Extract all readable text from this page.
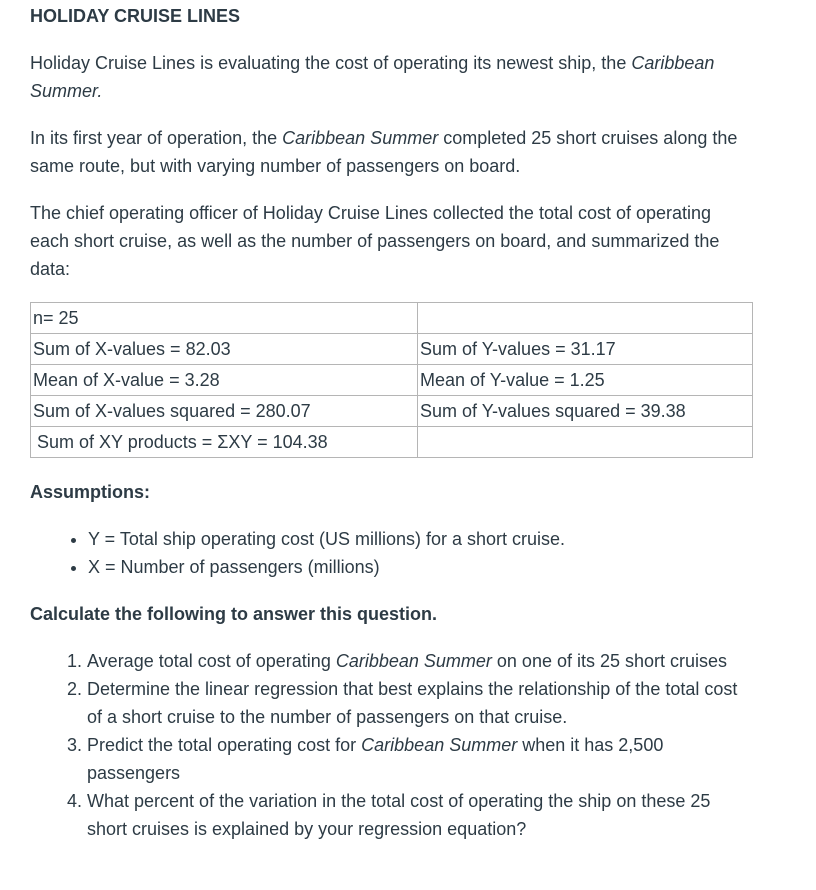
HOLIDAY CRUISE LINES

Holiday Cruise Lines is evaluating the cost of operating its newest ship, the Caribbean Summer.

In its first year of operation, the Caribbean Summer completed 25 short cruises along the same route, but with varying number of passengers on board.

The chief operating officer of Holiday Cruise Lines collected the total cost of operating each short cruise, as well as the number of passengers on board, and summarized the data:

n= 25	
Sum of X-values = 82.03	Sum of Y-values = 31.17
Mean of X-value = 3.28	Mean of Y-value = 1.25
Sum of X-values squared = 280.07	Sum of Y-values squared = 39.38
Sum of XY products = ΣXY = 104.38	

Assumptions:

• Y = Total ship operating cost (US millions) for a short cruise.
• X = Number of passengers (millions)

Calculate the following to answer this question.

1. Average total cost of operating Caribbean Summer on one of its 25 short cruises
2. Determine the linear regression that best explains the relationship of the total cost of a short cruise to the number of passengers on that cruise.
3. Predict the total operating cost for Caribbean Summer when it has 2,500 passengers
4. What percent of the variation in the total cost of operating the ship on these 25 short cruises is explained by your regression equation?
